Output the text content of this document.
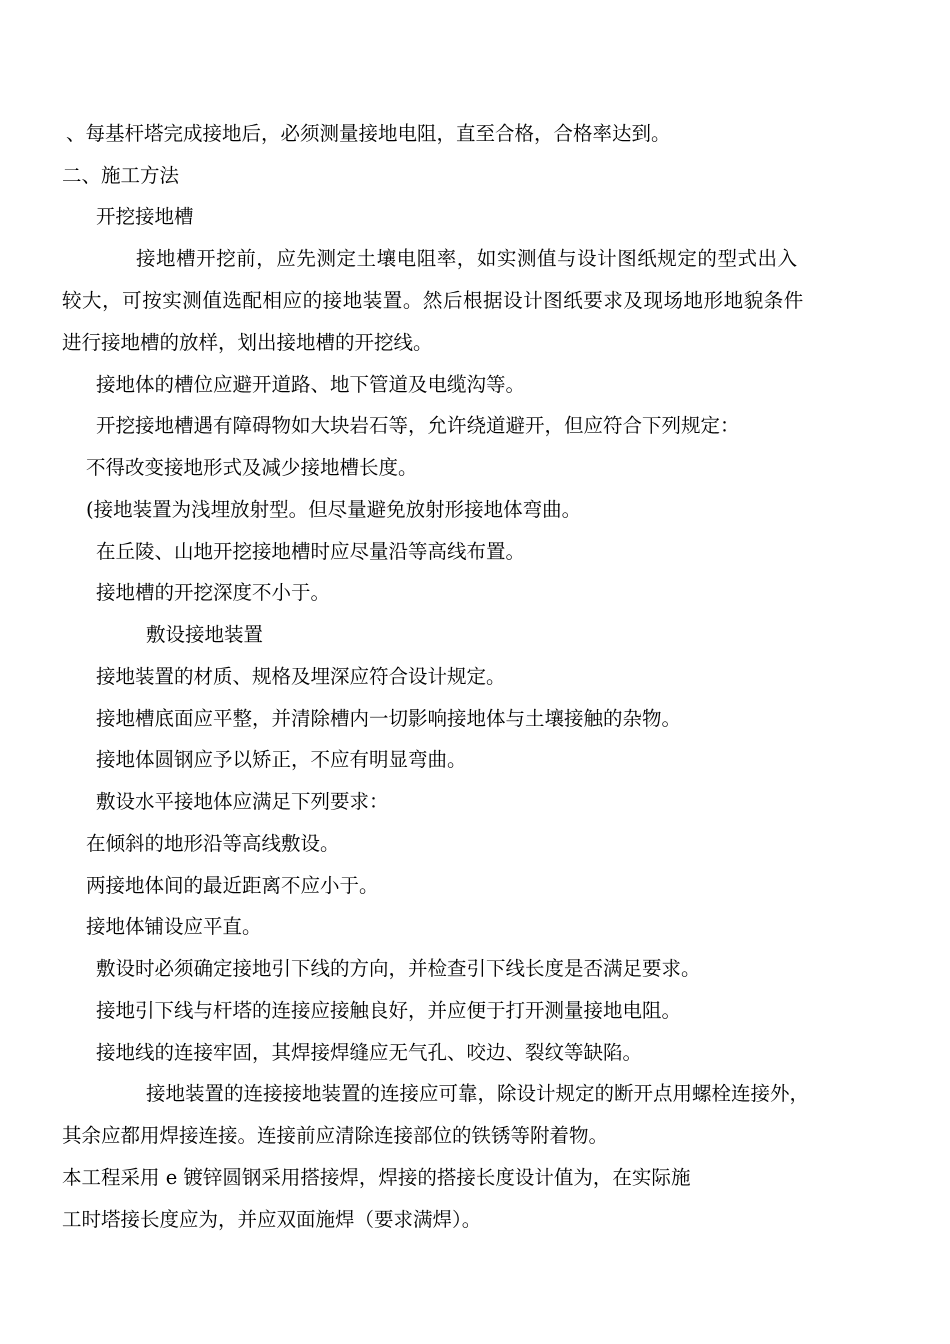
、每基杆塔完成接地后，必须测量接地电阻，直至合格，合格率达到。
二、施工方法
开挖接地槽
接地槽开挖前，应先测定土壤电阻率，如实测值与设计图纸规定的型式出入
较大，可按实测值选配相应的接地装置。然后根据设计图纸要求及现场地形地貌条件
进行接地槽的放样，划出接地槽的开挖线。
接地体的槽位应避开道路、地下管道及电缆沟等。
开挖接地槽遇有障碍物如大块岩石等，允许绕道避开，但应符合下列规定：
不得改变接地形式及减少接地槽长度。
(接地装置为浅埋放射型。但尽量避免放射形接地体弯曲。
在丘陵、山地开挖接地槽时应尽量沿等高线布置。
接地槽的开挖深度不小于。
敷设接地装置
接地装置的材质、规格及埋深应符合设计规定。
接地槽底面应平整，并清除槽内一切影响接地体与土壤接触的杂物。
接地体圆钢应予以矫正，不应有明显弯曲。
敷设水平接地体应满足下列要求：
在倾斜的地形沿等高线敷设。
两接地体间的最近距离不应小于。
接地体铺设应平直。
敷设时必须确定接地引下线的方向，并检查引下线长度是否满足要求。
接地引下线与杆塔的连接应接触良好，并应便于打开测量接地电阻。
接地线的连接牢固，其焊接焊缝应无气孔、咬边、裂纹等缺陷。
接地装置的连接接地装置的连接应可靠，除设计规定的断开点用螺栓连接外，
其余应都用焊接连接。连接前应清除连接部位的铁锈等附着物。
本工程采用 e 镀锌圆钢采用搭接焊，焊接的搭接长度设计值为，在实际施
工时塔接长度应为，并应双面施焊（要求满焊）。
